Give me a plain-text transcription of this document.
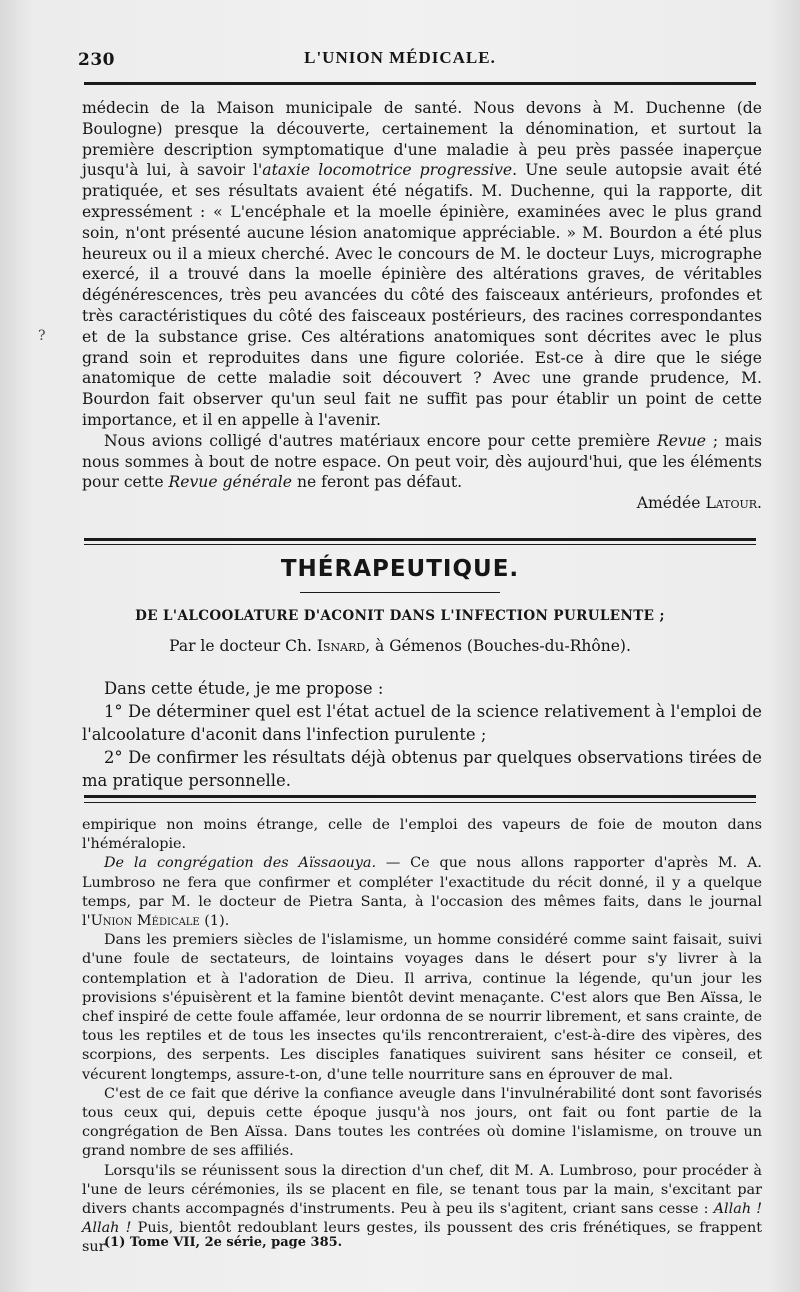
?
230	L'UNION MÉDICALE.

médecin de la Maison municipale de santé. Nous devons à M. Duchenne (de Boulogne) presque la découverte, certainement la dénomination, et surtout la première description symptomatique d'une maladie à peu près passée inaperçue jusqu'à lui, à savoir l'ataxie locomotrice progressive. Une seule autopsie avait été pratiquée, et ses résultats avaient été négatifs. M. Duchenne, qui la rapporte, dit expressément : « L'encéphale et la moelle épinière, examinées avec le plus grand soin, n'ont présenté aucune lésion anatomique appréciable. » M. Bourdon a été plus heureux ou il a mieux cherché. Avec le concours de M. le docteur Luys, micrographe exercé, il a trouvé dans la moelle épinière des altérations graves, de véritables dégénérescences, très peu avancées du côté des faisceaux antérieurs, profondes et très caractéristiques du côté des faisceaux postérieurs, des racines correspondantes et de la substance grise. Ces altérations anatomiques sont décrites avec le plus grand soin et reproduites dans une figure coloriée. Est-ce à dire que le siége anatomique de cette maladie soit découvert ? Avec une grande prudence, M. Bourdon fait observer qu'un seul fait ne suffit pas pour établir un point de cette importance, et il en appelle à l'avenir.

Nous avions colligé d'autres matériaux encore pour cette première Revue ; mais nous sommes à bout de notre espace. On peut voir, dès aujourd'hui, que les éléments pour cette Revue générale ne feront pas défaut.

Amédée Latour.

THÉRAPEUTIQUE.
DE L'ALCOOLATURE D'ACONIT DANS L'INFECTION PURULENTE ;
Par le docteur Ch. Isnard, à Gémenos (Bouches-du-Rhône).

Dans cette étude, je me propose :

1° De déterminer quel est l'état actuel de la science relativement à l'emploi de l'alcoolature d'aconit dans l'infection purulente ;

2° De confirmer les résultats déjà obtenus par quelques observations tirées de ma pratique personnelle.

empirique non moins étrange, celle de l'emploi des vapeurs de foie de mouton dans l'héméralopie.

De la congrégation des Aïssaouya. — Ce que nous allons rapporter d'après M. A. Lumbroso ne fera que confirmer et compléter l'exactitude du récit donné, il y a quelque temps, par M. le docteur de Pietra Santa, à l'occasion des mêmes faits, dans le journal l'Union Médicale (1).

Dans les premiers siècles de l'islamisme, un homme considéré comme saint faisait, suivi d'une foule de sectateurs, de lointains voyages dans le désert pour s'y livrer à la contemplation et à l'adoration de Dieu. Il arriva, continue la légende, qu'un jour les provisions s'épuisèrent et la famine bientôt devint menaçante. C'est alors que Ben Aïssa, le chef inspiré de cette foule affamée, leur ordonna de se nourrir librement, et sans crainte, de tous les reptiles et de tous les insectes qu'ils rencontreraient, c'est-à-dire des vipères, des scorpions, des serpents. Les disciples fanatiques suivirent sans hésiter ce conseil, et vécurent longtemps, assure-t-on, d'une telle nourriture sans en éprouver de mal.

C'est de ce fait que dérive la confiance aveugle dans l'invulnérabilité dont sont favorisés tous ceux qui, depuis cette époque jusqu'à nos jours, ont fait ou font partie de la congrégation de Ben Aïssa. Dans toutes les contrées où domine l'islamisme, on trouve un grand nombre de ses affiliés.

Lorsqu'ils se réunissent sous la direction d'un chef, dit M. A. Lumbroso, pour procéder à l'une de leurs cérémonies, ils se placent en file, se tenant tous par la main, s'excitant par divers chants accompagnés d'instruments. Peu à peu ils s'agitent, criant sans cesse : Allah ! Allah ! Puis, bientôt redoublant leurs gestes, ils poussent des cris frénétiques, se frappent sur

(1) Tome VII, 2e série, page 385.
